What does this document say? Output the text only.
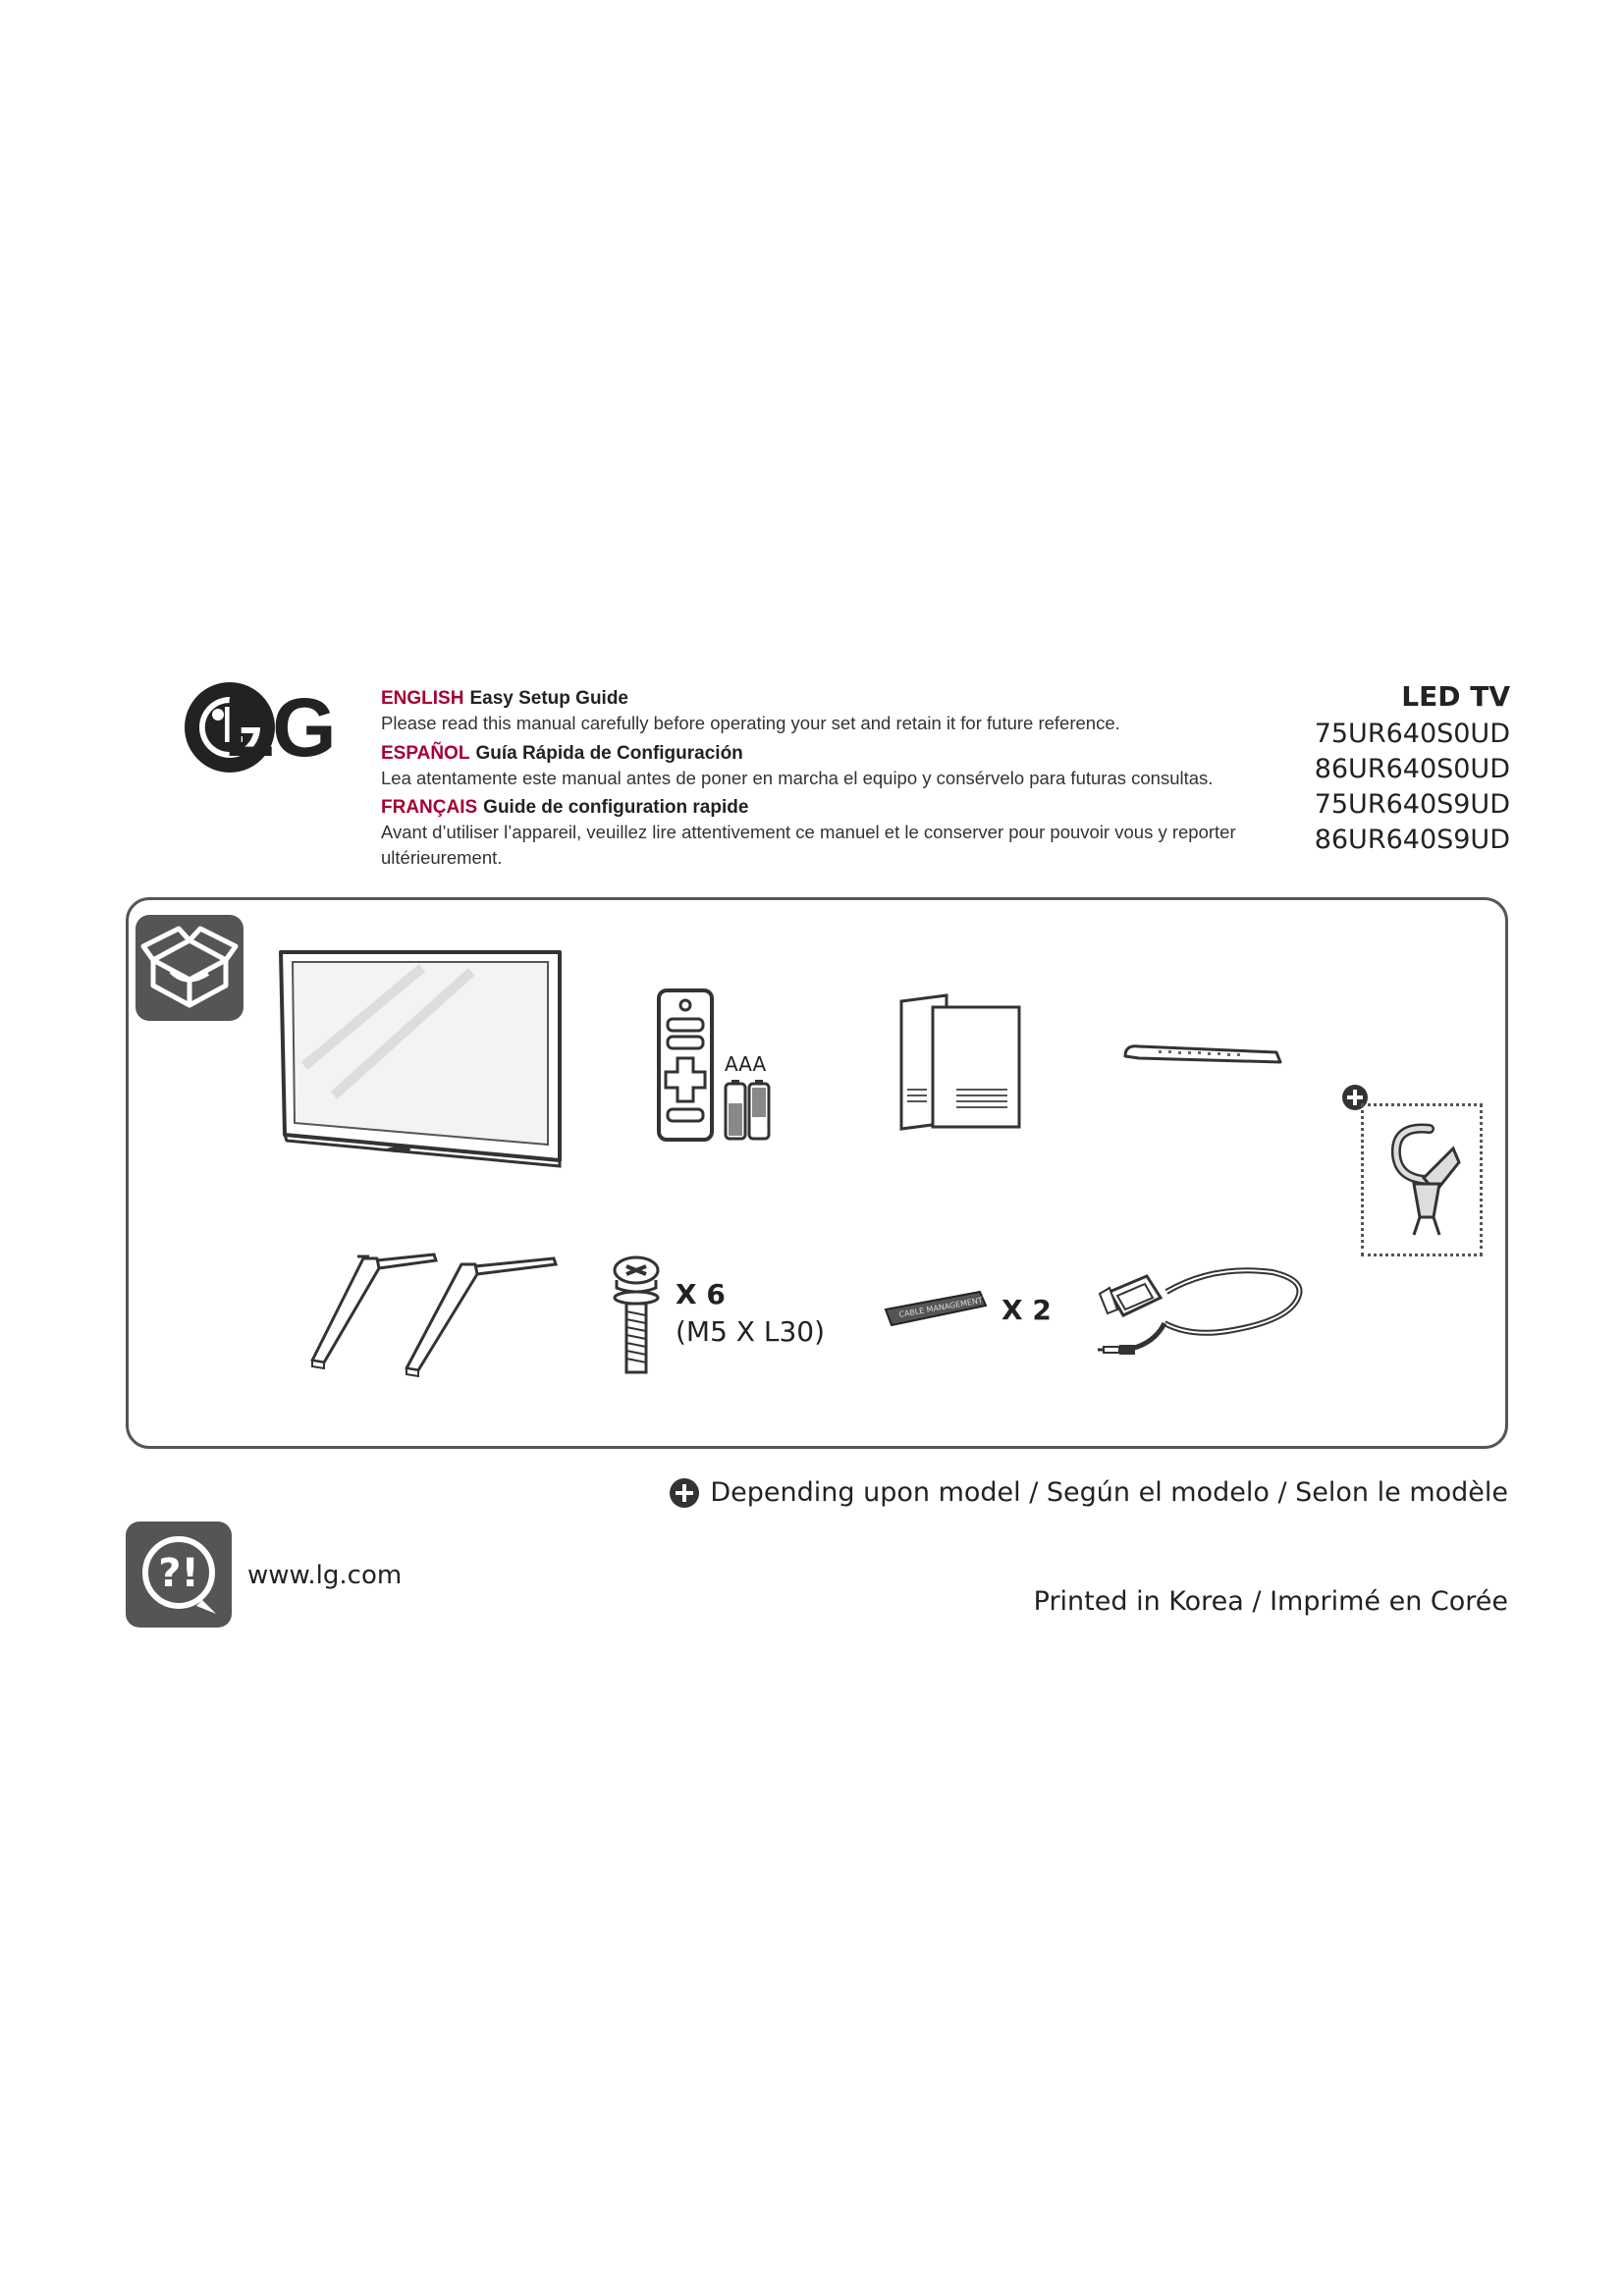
LG ENGLISH Easy Setup Guide
Please read this manual carefully before operating your set and retain it for future reference.
ESPAÑOL Guía Rápida de Configuración
Lea atentamente este manual antes de poner en marcha el equipo y consérvelo para futuras consultas.
FRANÇAIS Guide de configuration rapide
Avant d’utiliser l’appareil, veuillez lire attentivement ce manuel et le conserver pour pouvoir vous y reporter ultérieurement.
LED TV
75UR640S0UD
86UR640S0UD
75UR640S9UD
86UR640S9UD
AAA
X 6
(M5 X L30)
CABLE MANAGEMENT X 2
Depending upon model / Según el modelo / Selon le modèle
?! www.lg.com
Printed in Korea / Imprimé en Corée
